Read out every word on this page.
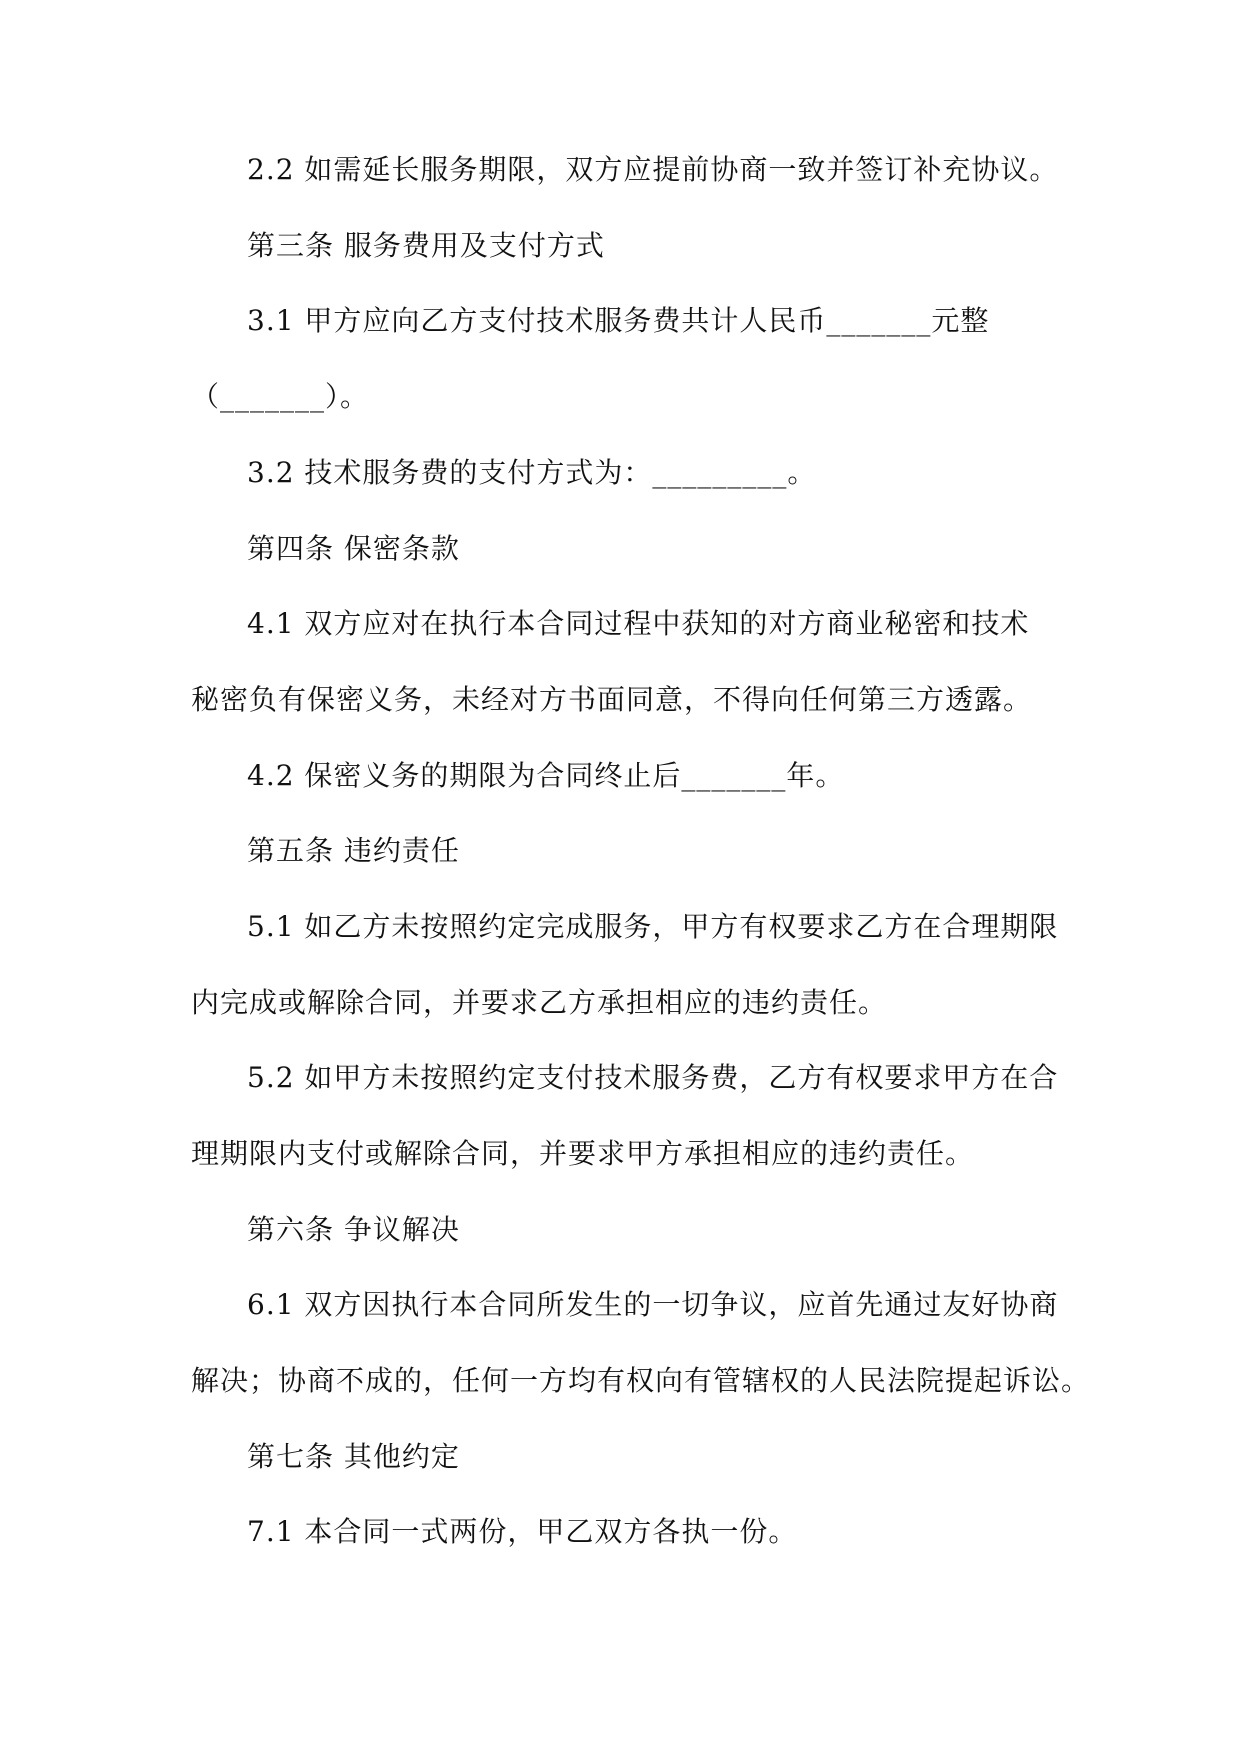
2.2 如需延长服务期限，双方应提前协商一致并签订补充协议。
第三条 服务费用及支付方式
3.1 甲方应向乙方支付技术服务费共计人民币_______元整
（_______）。
3.2 技术服务费的支付方式为：_________。
第四条 保密条款
4.1 双方应对在执行本合同过程中获知的对方商业秘密和技术
秘密负有保密义务，未经对方书面同意，不得向任何第三方透露。
4.2 保密义务的期限为合同终止后_______年。
第五条 违约责任
5.1 如乙方未按照约定完成服务，甲方有权要求乙方在合理期限
内完成或解除合同，并要求乙方承担相应的违约责任。
5.2 如甲方未按照约定支付技术服务费，乙方有权要求甲方在合
理期限内支付或解除合同，并要求甲方承担相应的违约责任。
第六条 争议解决
6.1 双方因执行本合同所发生的一切争议，应首先通过友好协商
解决；协商不成的，任何一方均有权向有管辖权的人民法院提起诉讼。
第七条 其他约定
7.1 本合同一式两份，甲乙双方各执一份。
